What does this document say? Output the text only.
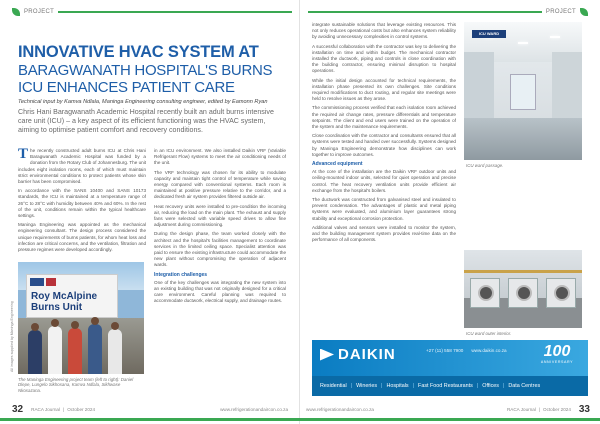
PROJECT
INNOVATIVE HVAC SYSTEM AT
BARAGWANATH HOSPITAL'S BURNS ICU ENHANCES PATIENT CARE
Technical input by Kamva Ndlala, Maninga Engineering consulting engineer, edited by Eamonn Ryan
Chris Hani Baragwanath Academic Hospital recently built an adult burns intensive care unit (ICU) – a key aspect of its efficient functioning was the HVAC system, aiming to optimise patient comfort and recovery conditions.

The recently constructed adult burns ICU at Chris Hani Baragwanath Academic Hospital was funded by a donation from the Rotary Club of Johannesburg. The unit includes eight isolation rooms, each of which must maintain strict environmental conditions to protect patients whose skin barrier has been compromised.

In accordance with the SANS 10400 and SANS 10173 standards, the ICU is maintained at a temperature range of 26°C to 28°C with humidity between 40% and 60%. In the rest of the unit, conditions remain within the typical healthcare settings.

Maninga Engineering was appointed as the mechanical engineering consultant. The design process considered the unique requirements of burns patients, for whom heat loss and infection are critical concerns, and the ventilation, filtration and pressure regimes were developed accordingly.

in an ICU environment. We also installed Daikin VRF (Variable Refrigerant Flow) systems to meet the air conditioning needs of the unit.

The VRF technology was chosen for its ability to modulate capacity and maintain tight control of temperature while saving energy compared with conventional systems. Each room is maintained at positive pressure relative to the corridor, and a dedicated fresh air system provides filtered outside air.

Heat recovery units were installed to pre-condition the incoming air, reducing the load on the main plant. The exhaust and supply fans were selected with variable speed drives to allow fine adjustment during commissioning.

During the design phase, the team worked closely with the architect and the hospital's facilities management to coordinate services in the limited ceiling space. Specialist attention was paid to ensure the existing infrastructure could accommodate the new plant without compromising the operation of adjacent wards.

Integration challenges

One of the key challenges was integrating the new system into an existing building that was not originally designed for a critical care environment. Careful planning was required to accommodate ductwork, electrical supply, and drainage routes.

Roy McAlpine Burns Unit
All images supplied by Maninga Engineering
The Maninga Engineering project team (left to right): Daniel Dlepe, Lungelo Sikhosana, Kamva Ndlala, Sikhwase Nkosazana.
32 RACA Journal | October 2024	www.refrigerationandaircon.co.za
PROJECT

integrate sustainable solutions that leverage existing resources. This not only reduces operational costs but also enhances system reliability by avoiding unnecessary complexities in control systems.

A successful collaboration with the contractor was key to delivering the installation on time and within budget. The mechanical contractor installed the ductwork, piping and controls in close coordination with the building contractor, ensuring minimal disruption to hospital operations.

While the initial design accounted for technical requirements, the installation phase presented its own challenges. Site conditions required modifications to duct routing, and regular site meetings were held to resolve issues as they arose.

The commissioning process verified that each isolation room achieved the required air change rates, pressure differentials and temperature setpoints. The client and end users were trained on the operation of the system and the maintenance requirements.

Close coordination with the contractor and consultants ensured that all systems were tested and handed over successfully. Systems designed by Maninga Engineering demonstrate how disciplines can work together to improve outcomes.

Advanced equipment

At the core of the installation are the Daikin VRF outdoor units and ceiling-mounted indoor units, selected for quiet operation and precise control. The heat recovery ventilation units provide efficient air exchange from the hospital's boilers.

The ductwork was constructed from galvanised steel and insulated to prevent condensation. The advantages of plastic and metal piping systems were evaluated, and aluminium layer guarantees strong stability and exceptional corrosion protection.

Additional valves and sensors were installed to monitor the system, and the building management system provides real-time data on the performance of all components.

ICU WARD
ICU ward passage.
ICU ward outer interior.
DAIKIN	+27 (11) 558 7900 www.daikin.co.za	100
ANNIVERSARY
Residential | Wineries | Hospitals | Fast Food Restaurants | Offices | Data Centres
www.refrigerationandaircon.co.za	RACA Journal | October 2024 33
